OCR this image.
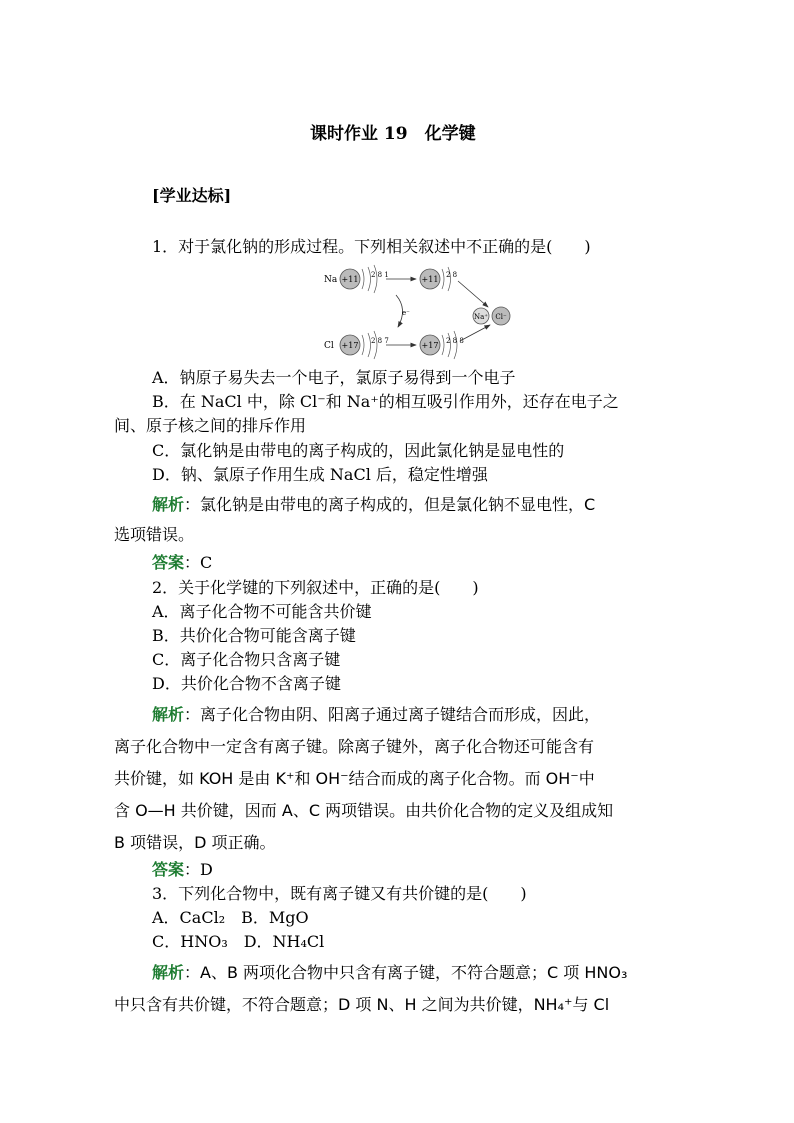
课时作业 19　化学键
[学业达标]
1．对于氯化钠的形成过程。下列相关叙述中不正确的是(　　)
Na +11 2 8 1	+11 2 8
e⁻	Na⁺ Cl⁻
Cl +17 2 8 7	+17 2 8 8
A．钠原子易失去一个电子，氯原子易得到一个电子
B．在 NaCl 中，除 Cl⁻和 Na⁺的相互吸引作用外，还存在电子之
间、原子核之间的排斥作用
C．氯化钠是由带电的离子构成的，因此氯化钠是显电性的
D．钠、氯原子作用生成 NaCl 后，稳定性增强
解析：氯化钠是由带电的离子构成的，但是氯化钠不显电性，C
选项错误。
答案：C
2．关于化学键的下列叙述中，正确的是(　　)
A．离子化合物不可能含共价键
B．共价化合物可能含离子键
C．离子化合物只含离子键
D．共价化合物不含离子键
解析：离子化合物由阴、阳离子通过离子键结合而形成，因此，
离子化合物中一定含有离子键。除离子键外，离子化合物还可能含有
共价键，如 KOH 是由 K⁺和 OH⁻结合而成的离子化合物。而 OH⁻中
含 O—H 共价键，因而 A、C 两项错误。由共价化合物的定义及组成知
B 项错误，D 项正确。
答案：D
3．下列化合物中，既有离子键又有共价键的是(　　)
A．CaCl₂　B．MgO
C．HNO₃　D．NH₄Cl
解析：A、B 两项化合物中只含有离子键，不符合题意；C 项 HNO₃
中只含有共价键，不符合题意；D 项 N、H 之间为共价键，NH₄⁺与 Cl
